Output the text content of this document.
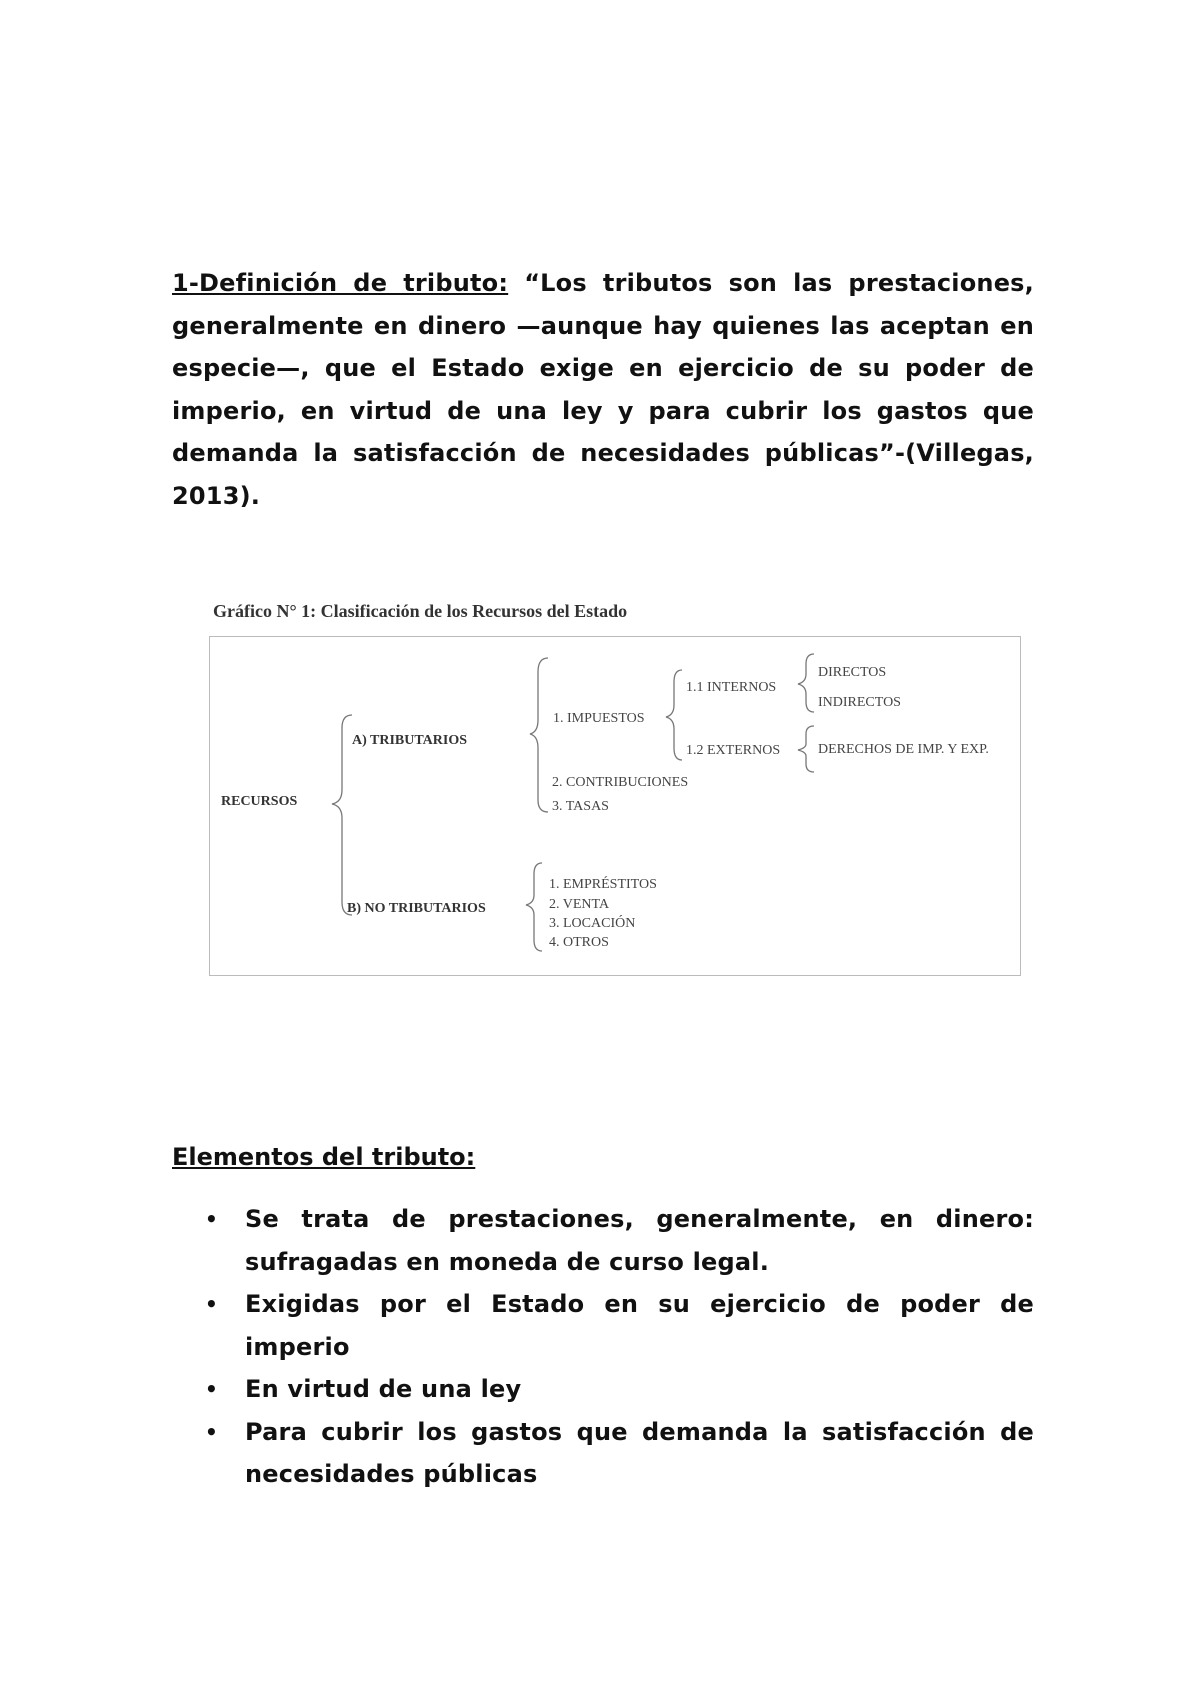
1-Definición de tributo: “Los tributos son las prestaciones, generalmente en dinero —aunque hay quienes las aceptan en especie—, que el Estado exige en ejercicio de su poder de imperio, en virtud de una ley y para cubrir los gastos que demanda la satisfacción de necesidades públicas”-(Villegas, 2013).

Gráfico N° 1: Clasificación de los Recursos del Estado
RECURSOS
A) TRIBUTARIOS
1. IMPUESTOS
1.1 INTERNOS
DIRECTOS
INDIRECTOS
1.2 EXTERNOS	DERECHOS DE IMP. Y EXP.
2. CONTRIBUCIONES
3. TASAS
B) NO TRIBUTARIOS
1. EMPRÉSTITOS
2. VENTA
3. LOCACIÓN
4. OTROS

Elementos del tributo:

• Se trata de prestaciones, generalmente, en dinero: sufragadas en moneda de curso legal.
• Exigidas por el Estado en su ejercicio de poder de imperio
• En virtud de una ley
• Para cubrir los gastos que demanda la satisfacción de necesidades públicas
